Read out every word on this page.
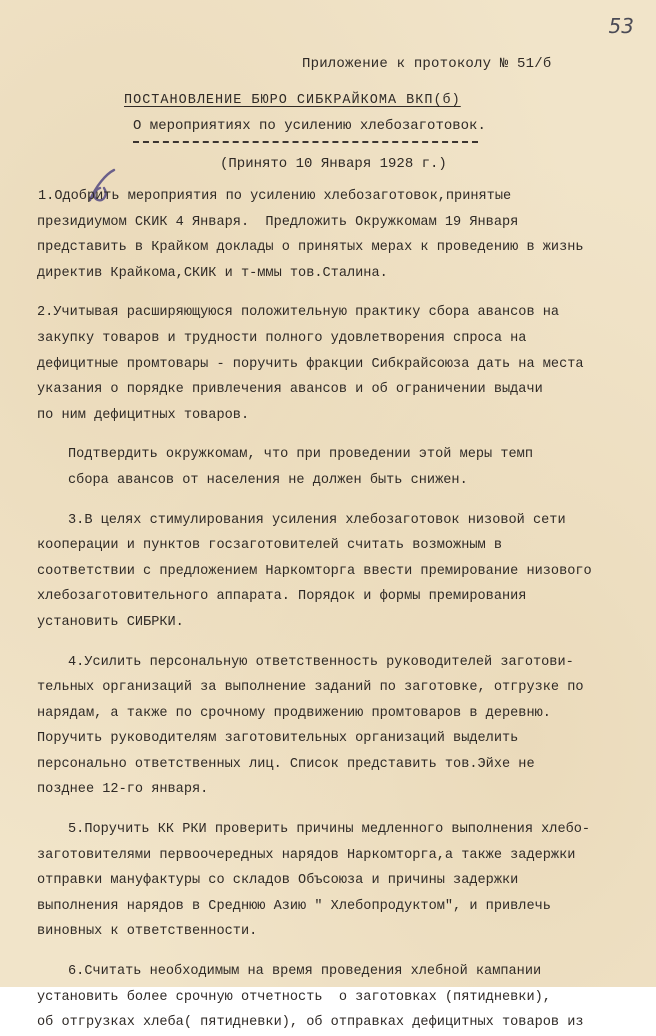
53
Приложение к протоколу № 51/б
ПОСТАНОВЛЕНИЕ БЮРО СИБКРАЙКОМА ВКП(б)
О мероприятиях по усилению хлебозаготовок.
(Принято 10 Января 1928 г.)
1.Одобрить мероприятия по усилению хлебозаготовок,принятые
президиумом СКИК 4 Января.  Предложить Окружкомам 19 Января
представить в Крайком доклады о принятых мерах к проведению в жизнь
директив Крайкома,СКИК и т-ммы тов.Сталина.
2.Учитывая расширяющуюся положительную практику сбора авансов на
закупку товаров и трудности полного удовлетворения спроса на
дефицитные промтовары - поручить фракции Сибкрайсоюза дать на места
указания о порядке привлечения авансов и об ограничении выдачи
по ним дефицитных товаров.
Подтвердить окружкомам, что при проведении этой меры темп
сбора авансов от населения не должен быть снижен.
3.В целях стимулирования усиления хлебозаготовок низовой сети
кооперации и пунктов госзаготовителей считать возможным в
соответствии с предложением Наркомторга ввести премирование низового
хлебозаготовительного аппарата. Порядок и формы премирования
установить СИБРКИ.
4.Усилить персональную ответственность руководителей заготови-
тельных организаций за выполнение заданий по заготовке, отгрузке по
нарядам, а также по срочному продвижению промтоваров в деревню.
Поручить руководителям заготовительных организаций выделить
персонально ответственных лиц. Список представить тов.Эйхе не
позднее 12-го января.
5.Поручить КК РКИ проверить причины медленного выполнения хлебо-
заготовителями первоочередных нарядов Наркомторга,а также задержки
отправки мануфактуры со складов Объсоюза и причины задержки
выполнения нарядов в Среднюю Азию " Хлебопродуктом", и привлечь
виновных к ответственности.
6.Считать необходимым на время проведения хлебной кампании
установить более срочную отчетность  о заготовках (пятидневки),
об отгрузках хлеба( пятидневки), об отправках дефицитных товаров из
